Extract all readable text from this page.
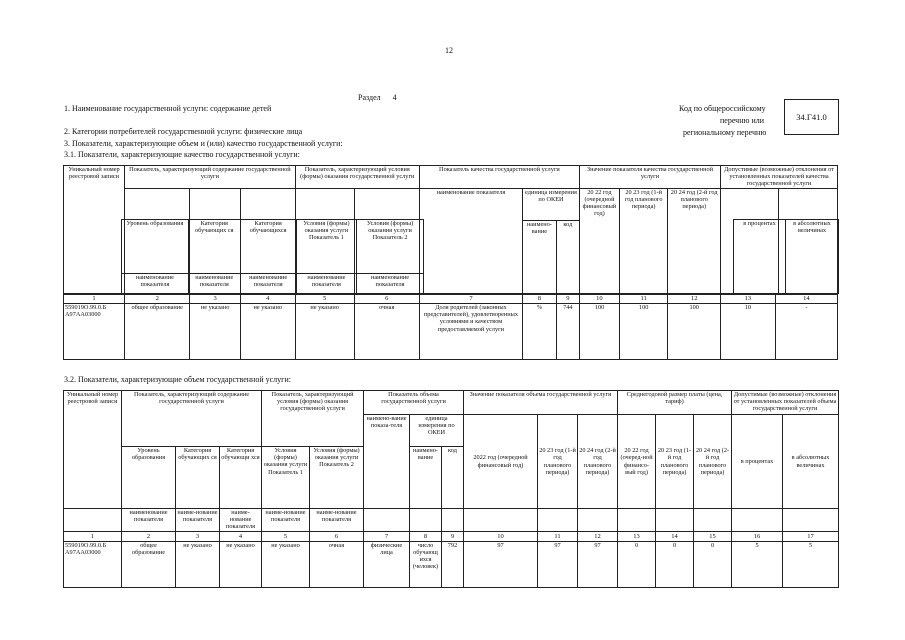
12
Раздел 4
1. Наименование государственной услуги: содержание детей
2. Категории потребителей государственной услуги: физические лица
3. Показатели, характеризующие объем и (или) качество государственной услуги:
3.1. Показатели, характеризующие качество государственной услуги:
Код по общероссийскому
перечню или
региональному перечню
34.Г41.0
Уникальный номер реестровой записи	Показатель, характеризующий содержание государственной услуги			Показатель, характеризующий условия (формы) оказания государственной услуги		Показатель качества государственной услуги			Значение показателя качества государственной услуги			Допустимые (возможные) отклонения от установленных показателей качества государственной услуги	
						наименование показателя	единица измерения по ОКЕИ		20 22 год (очередной финансовый год)	20 23 год (1-й год планового периода)	20 24 год (2-й год планового периода)		
							наимено-вание	код					

Уровень образования	Категория обучающих ся	Категория обучающихся	Условия (формы) оказания услуги Показатель 1	Условия (формы) оказания услуги Показатель 2
наименование показателя	наименование показателя	наименование показателя	наименование показателя	наименование показателя
в процентах	в абсолютных величинах
1	2	3	4	5	6	7	8	9	10	11	12	13	14
559019О.99.0.Б А97АА03000	общее образование	не указано	не указано	не указано	очная	Доля родителей (законных представителей), удовлетворенных условиями и качеством предоставляемой услуги	%	744	100	100	100	10	-
3.2. Показатели, характеризующие объем государственной услуги:
Уникальный номер реестровой записи	Показатель, характеризующий содержание государственной услуги			Показатель, характеризующий условия (формы) оказания государственной услуги		Показатель объема государственной услуги			Значение показателя объема государственной услуги			Среднегодовой размер платы (цена, тариф)			Допустимые (возможные) отклонения от установленных показателей объема государственной услуги	
						наимено-вание показа-теля	единица измерения по ОКЕИ		2022 год (очередной финансовый год)	20 23 год (1-й год планового периода)	20 24 год (2-й год планового периода)	20 22 год (очеред-ной финансо-вый год)	20 23 год (1-й год планового периода)	20 24 год (2-й год планового периода)	в процентах	в абсолютных величинах
	Уровень образования	Категория обучающих ся	Категория обучающи хся	Условия (формы) оказания услуги Показатель 1	Условия (формы) оказания услуги Показатель 2		наимено-вание	код								
	наименование показателя	наиме-нование показателя	наиме-нование показателя	наиме-нование показателя	наиме-нование показателя											
1	2	3	4	5	6	7	8	9	10	11	12	13	14	15	16	17
559019О.99.0.Б А97АА03000	общее образование	не указано	не указано	не указано	очная	физические лица	число обучающ ихся (человек)	792	97	97	97	0	0	0	5	5
